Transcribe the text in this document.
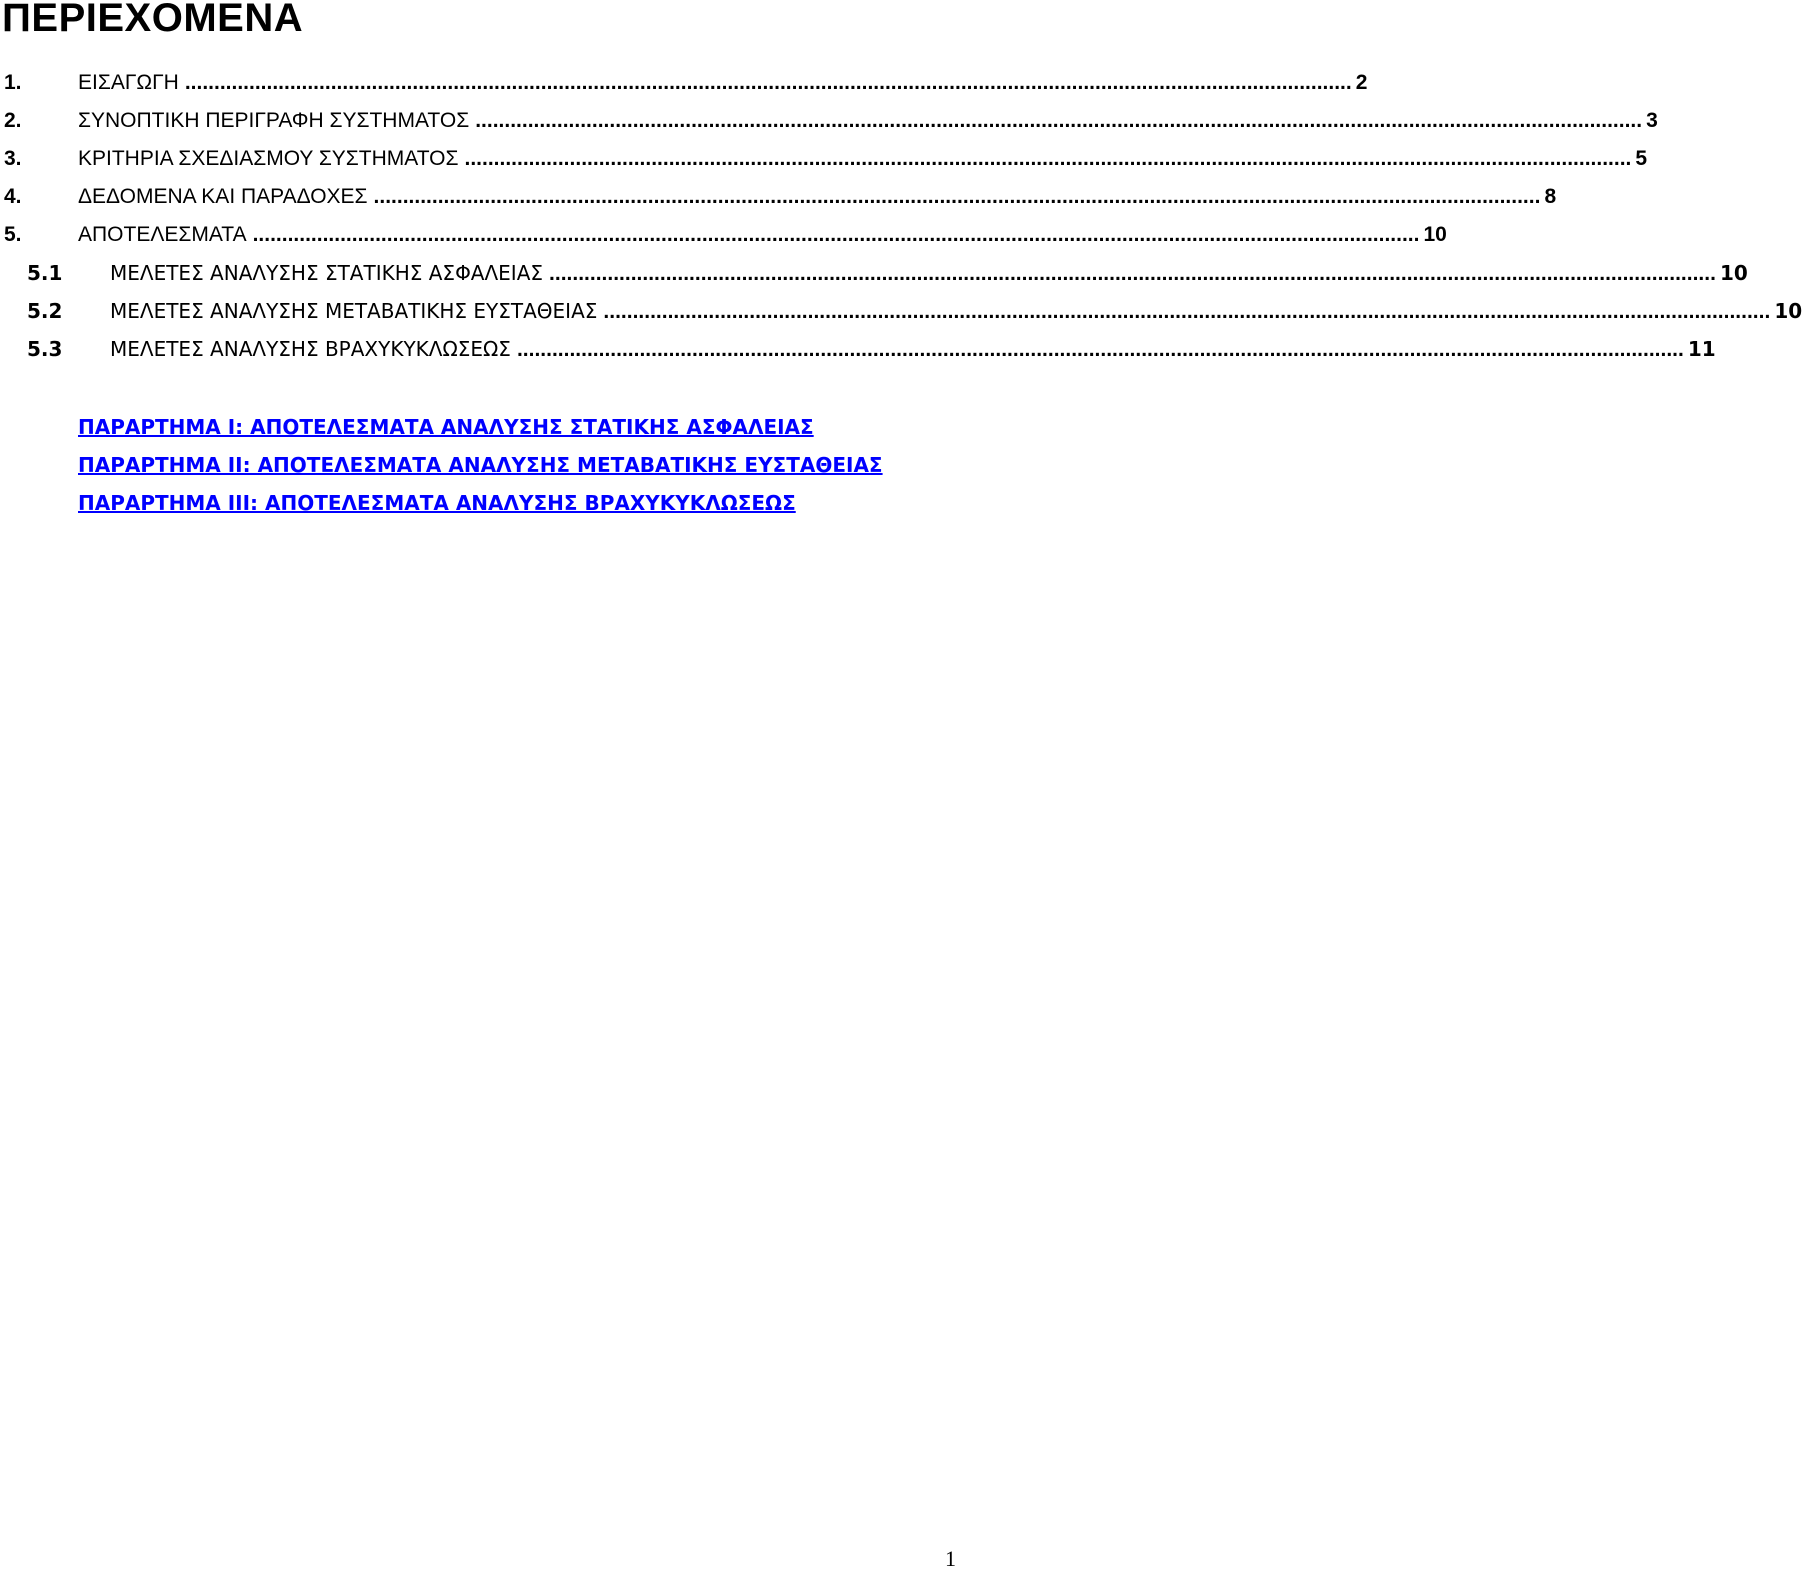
ΠΕΡΙΕΧΟΜΕΝΑ
1.	ΕΙΣΑΓΩΓΗ ........................................................................................................................................................................................................ 2
2.	ΣΥΝΟΠΤΙΚΗ ΠΕΡΙΓΡΑΦΗ ΣΥΣΤΗΜΑΤΟΣ ........................................................................................................................................................................................................ 3
3.	ΚΡΙΤΗΡΙΑ ΣΧΕΔΙΑΣΜΟΥ ΣΥΣΤΗΜΑΤΟΣ ........................................................................................................................................................................................................ 5
4.	ΔΕΔΟΜΕΝΑ ΚΑΙ ΠΑΡΑΔΟΧΕΣ ........................................................................................................................................................................................................ 8
5.	ΑΠΟΤΕΛΕΣΜΑΤΑ ........................................................................................................................................................................................................ 10
5.1 ΜΕΛΕΤΕΣ ΑΝΑΛΥΣΗΣ ΣΤΑΤΙΚΗΣ ΑΣΦΑΛΕΙΑΣ ........................................................................................................................................................................................................ 10
5.2 ΜΕΛΕΤΕΣ ΑΝΑΛΥΣΗΣ ΜΕΤΑΒΑΤΙΚΗΣ ΕΥΣΤΑΘΕΙΑΣ ........................................................................................................................................................................................................ 10
5.3 ΜΕΛΕΤΕΣ ΑΝΑΛΥΣΗΣ ΒΡΑΧΥΚΥΚΛΩΣΕΩΣ ........................................................................................................................................................................................................ 11
ΠΑΡΑΡΤΗΜΑ Ι: ΑΠΟΤΕΛΕΣΜΑΤΑ ΑΝΑΛΥΣΗΣ ΣΤΑΤΙΚΗΣ ΑΣΦΑΛΕΙΑΣ
ΠΑΡΑΡΤΗΜΑ ΙΙ: ΑΠΟΤΕΛΕΣΜΑΤΑ ΑΝΑΛΥΣΗΣ ΜΕΤΑΒΑΤΙΚΗΣ ΕΥΣΤΑΘΕΙΑΣ
ΠΑΡΑΡΤΗΜΑ ΙΙΙ: ΑΠΟΤΕΛΕΣΜΑΤΑ ΑΝΑΛΥΣΗΣ ΒΡΑΧΥΚΥΚΛΩΣΕΩΣ
1
